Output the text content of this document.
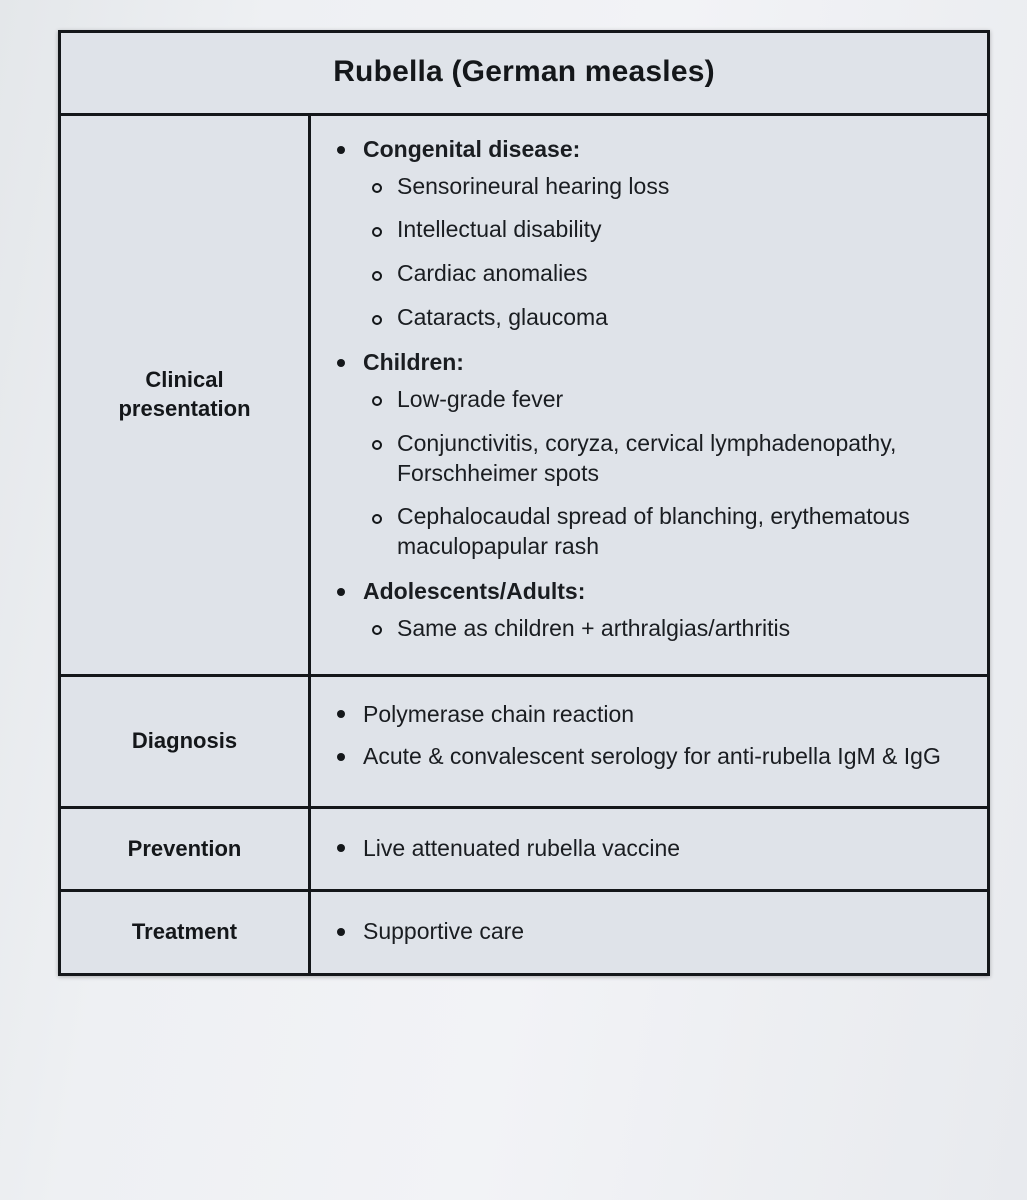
Rubella (German measles)
Clinical
presentation
Congenital disease:
Sensorineural hearing loss
Intellectual disability
Cardiac anomalies
Cataracts, glaucoma
Children:
Low-grade fever
Conjunctivitis, coryza, cervical lymphadenopathy, Forschheimer spots
Cephalocaudal spread of blanching, erythematous maculopapular rash
Adolescents/Adults:
Same as children + arthralgias/arthritis
Diagnosis
Polymerase chain reaction
Acute & convalescent serology for anti-rubella IgM & IgG
Prevention	Live attenuated rubella vaccine
Treatment	Supportive care
